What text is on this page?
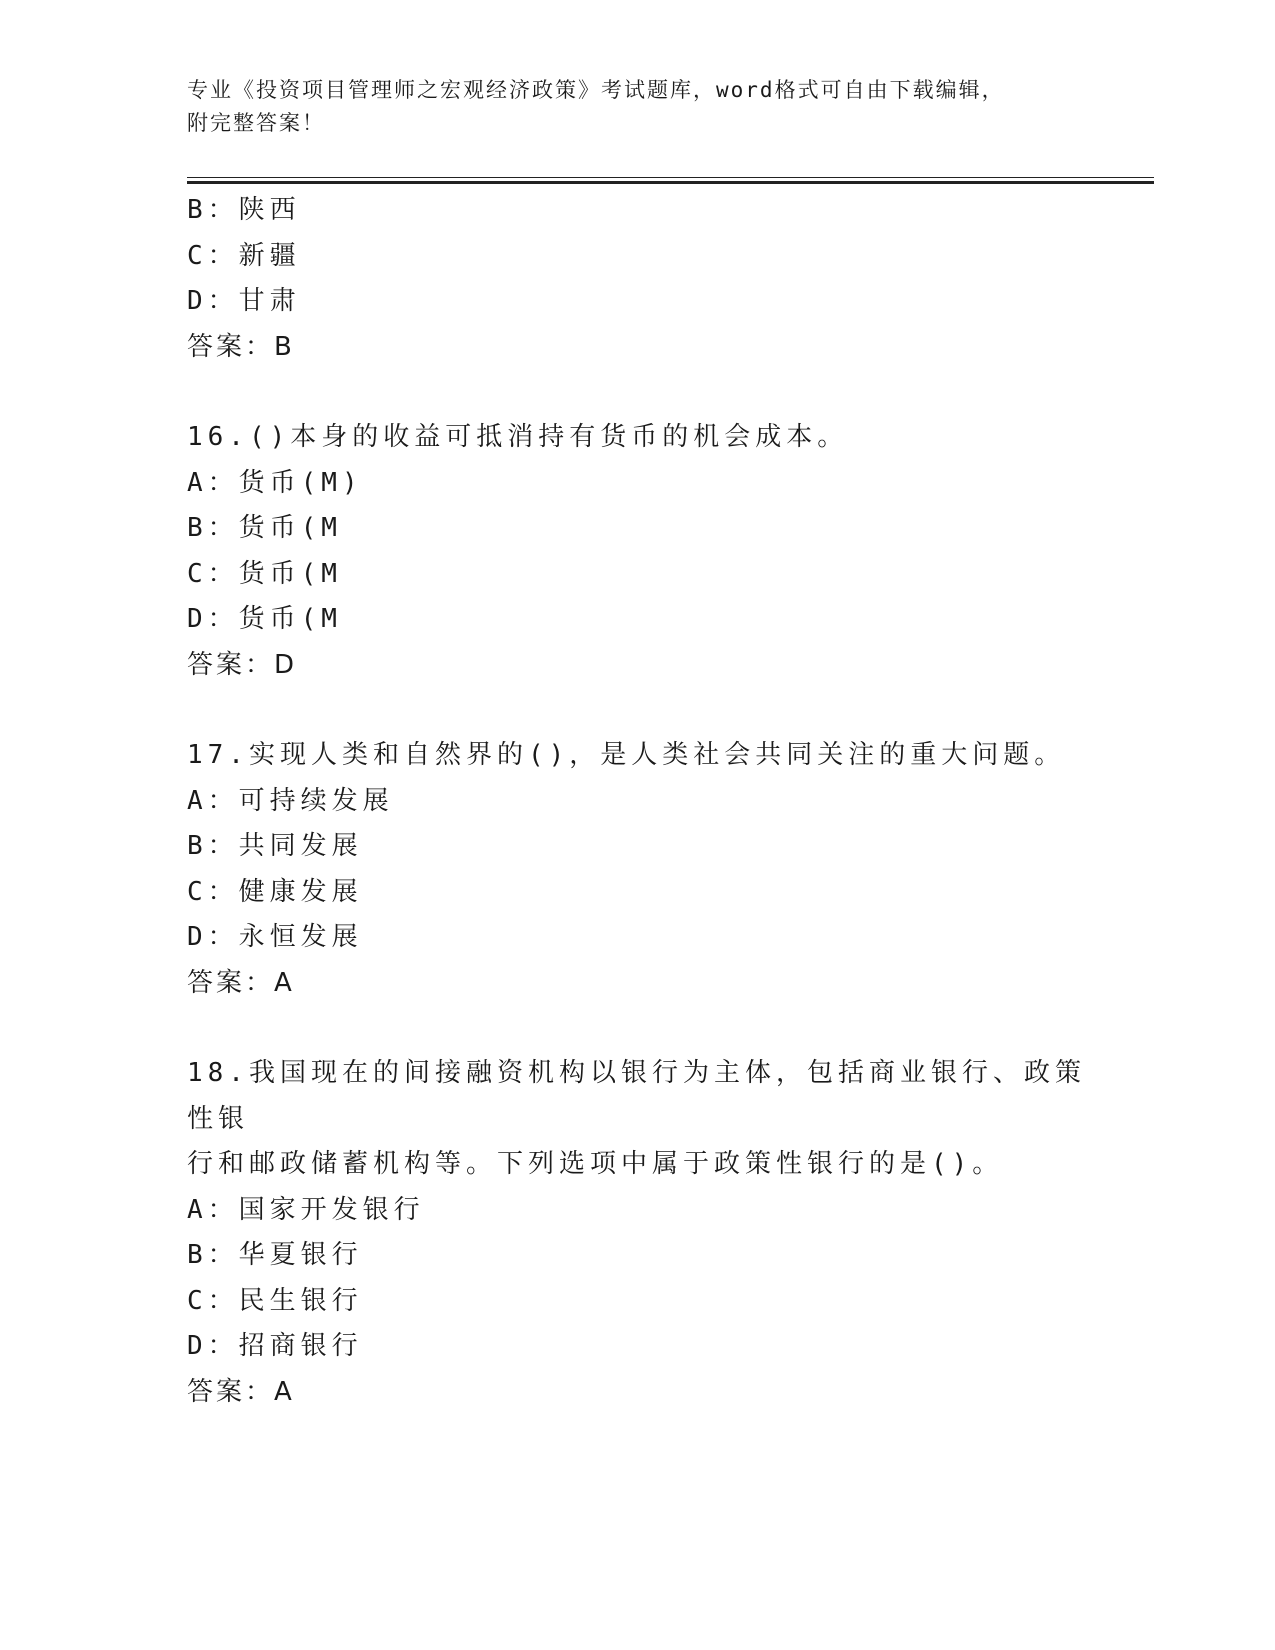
专业《投资项目管理师之宏观经济政策》考试题库，word格式可自由下载编辑，
附完整答案！
B：陕西
C：新疆
D：甘肃
答案：B
16.()本身的收益可抵消持有货币的机会成本。
A：货币(M)
B：货币(M
C：货币(M
D：货币(M
答案：D
17.实现人类和自然界的()，是人类社会共同关注的重大问题。
A：可持续发展
B：共同发展
C：健康发展
D：永恒发展
答案：A
18.我国现在的间接融资机构以银行为主体，包括商业银行、政策性银
行和邮政储蓄机构等。下列选项中属于政策性银行的是()。
A：国家开发银行
B：华夏银行
C：民生银行
D：招商银行
答案：A
